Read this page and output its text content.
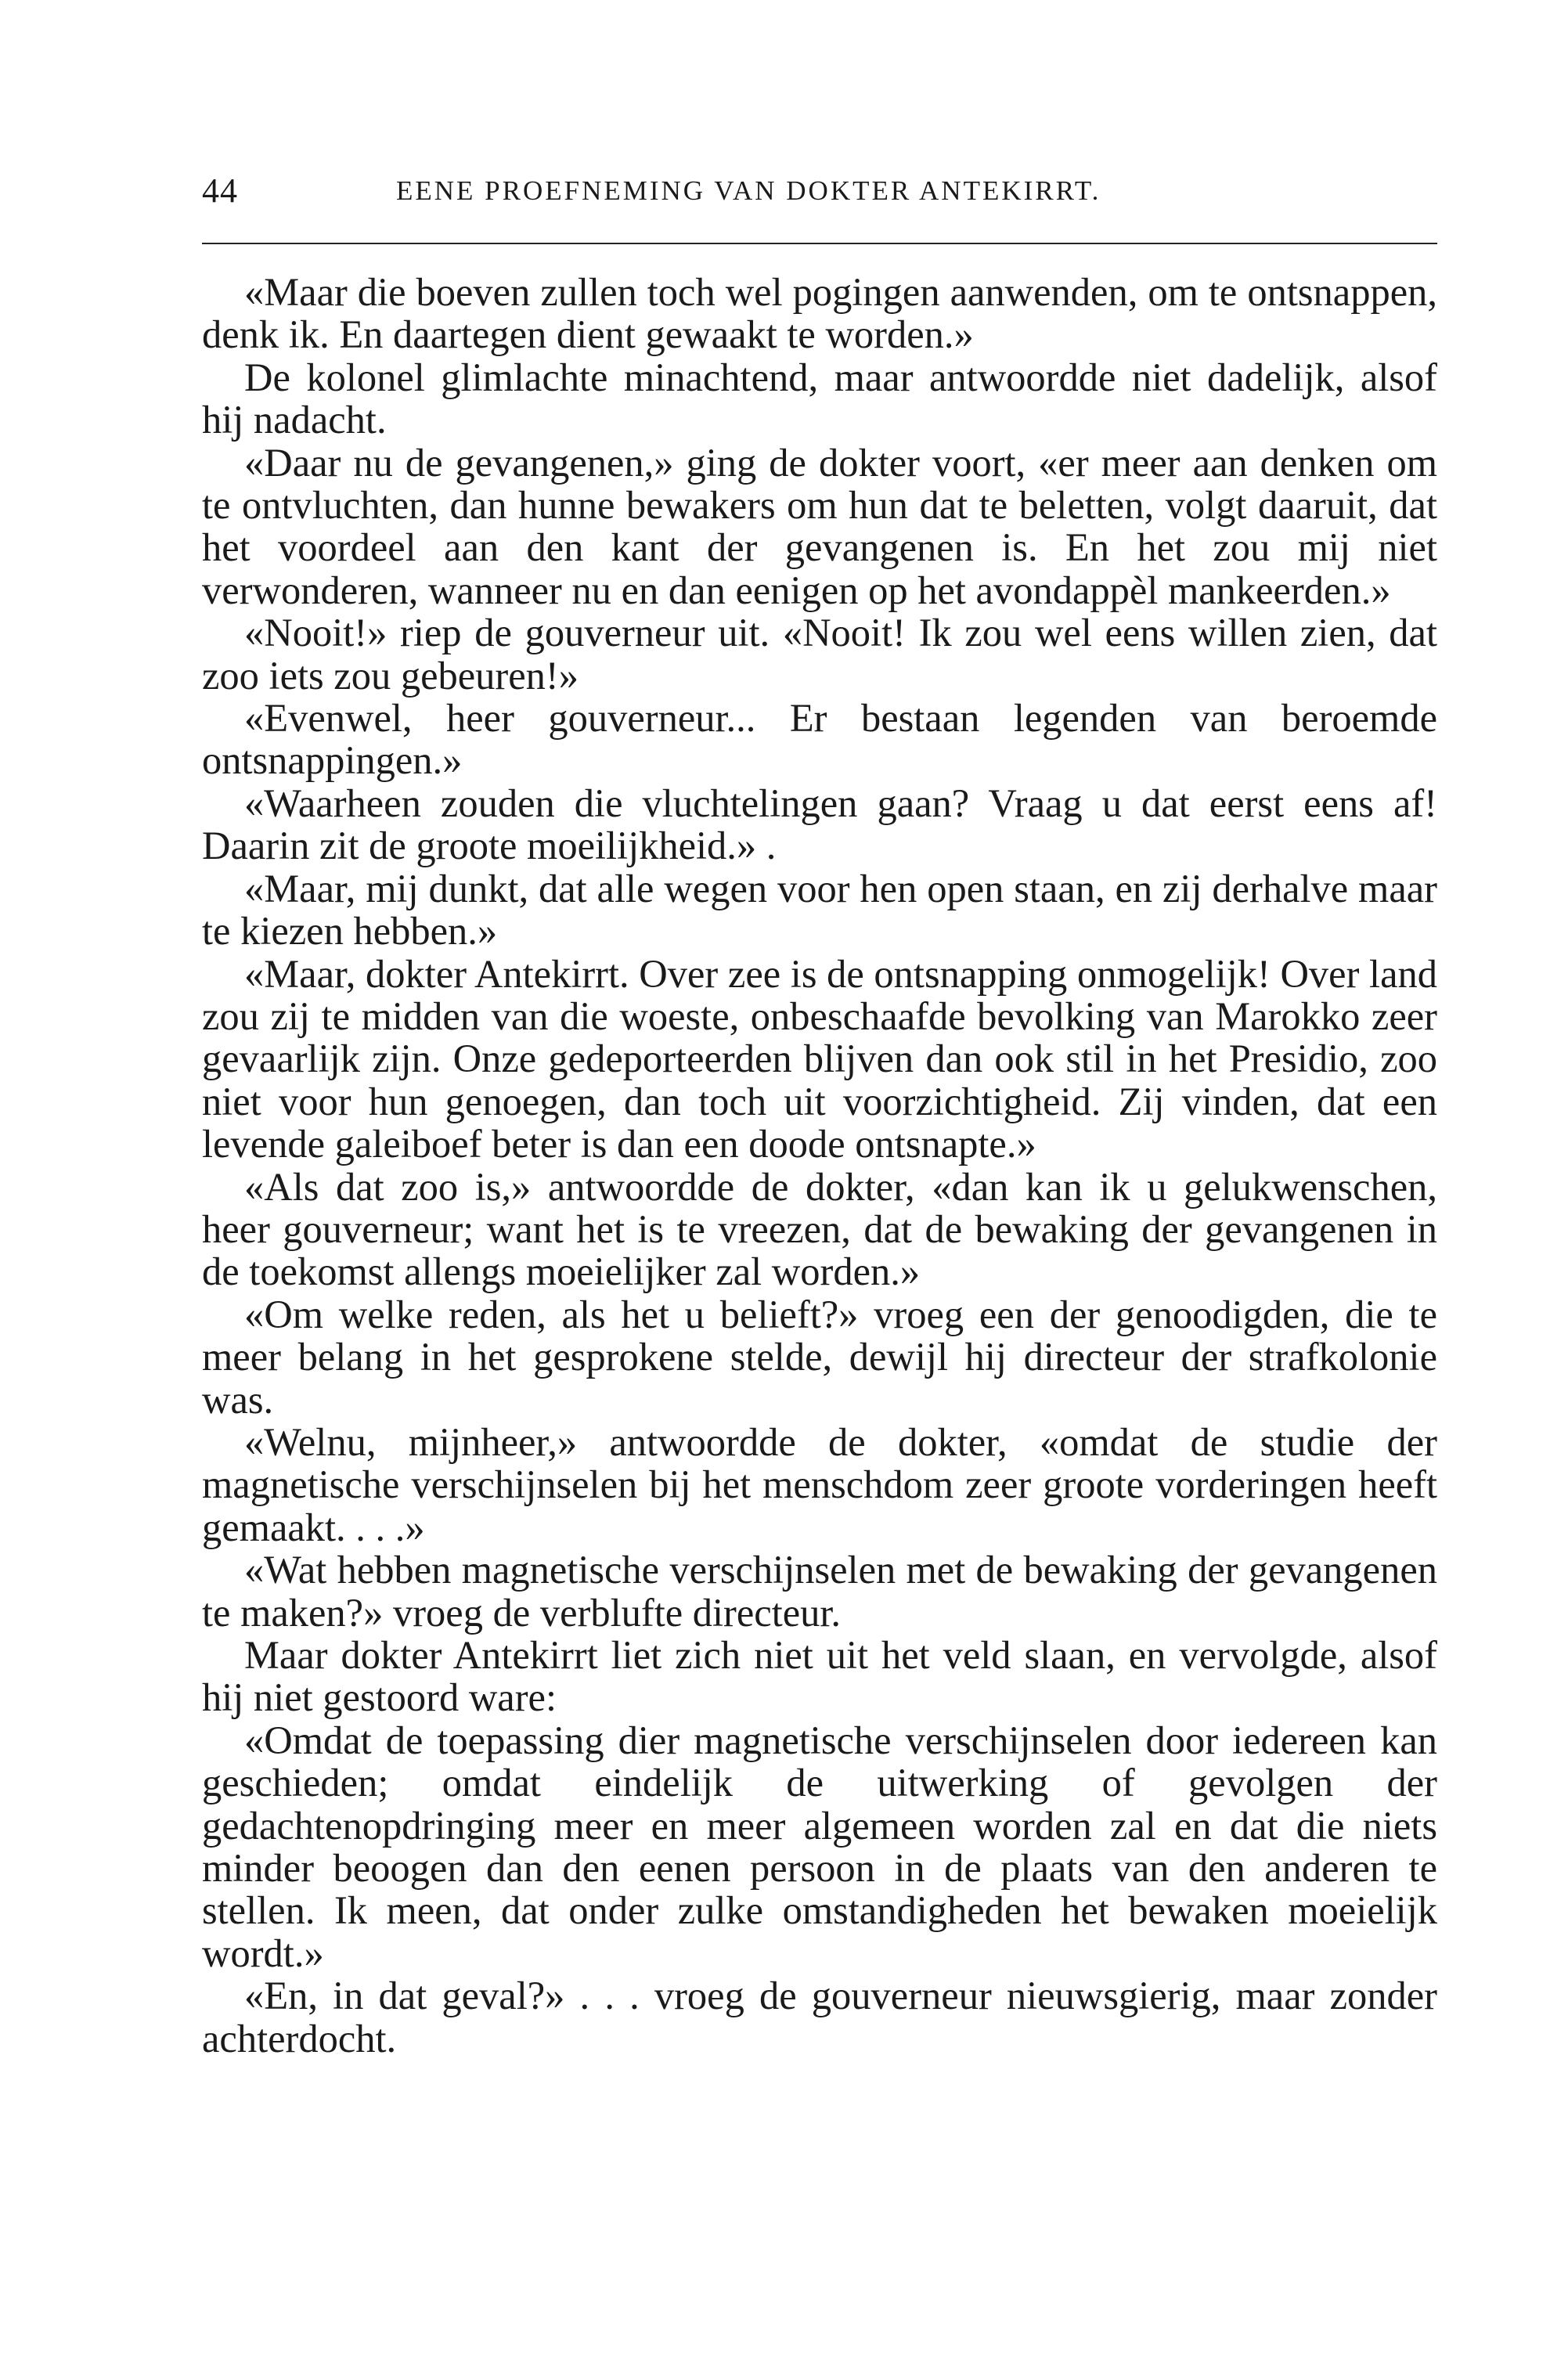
44	EENE PROEFNEMING VAN DOKTER ANTEKIRRT.

«Maar die boeven zullen toch wel pogingen aanwenden, om te ontsnappen, denk ik. En daartegen dient gewaakt te worden.»

De kolonel glimlachte minachtend, maar antwoordde niet dadelijk, alsof hij nadacht.

«Daar nu de gevangenen,» ging de dokter voort, «er meer aan denken om te ontvluchten, dan hunne bewakers om hun dat te beletten, volgt daaruit, dat het voordeel aan den kant der gevangenen is. En het zou mij niet verwonderen, wanneer nu en dan eenigen op het avondappèl mankeerden.»

«Nooit!» riep de gouverneur uit. «Nooit! Ik zou wel eens willen zien, dat zoo iets zou gebeuren!»

«Evenwel, heer gouverneur... Er bestaan legenden van beroemde ontsnappingen.»

«Waarheen zouden die vluchtelingen gaan? Vraag u dat eerst eens af! Daarin zit de groote moeilijkheid.» .

«Maar, mij dunkt, dat alle wegen voor hen open staan, en zij derhalve maar te kiezen hebben.»

«Maar, dokter Antekirrt. Over zee is de ontsnapping onmogelijk! Over land zou zij te midden van die woeste, onbeschaafde bevolking van Marokko zeer gevaarlijk zijn. Onze gedeporteerden blijven dan ook stil in het Presidio, zoo niet voor hun genoegen, dan toch uit voorzichtigheid. Zij vinden, dat een levende galeiboef beter is dan een doode ontsnapte.»

«Als dat zoo is,» antwoordde de dokter, «dan kan ik u gelukwenschen, heer gouverneur; want het is te vreezen, dat de bewaking der gevangenen in de toekomst allengs moeielijker zal worden.»

«Om welke reden, als het u belieft?» vroeg een der genoodigden, die te meer belang in het gesprokene stelde, dewijl hij directeur der strafkolonie was.

«Welnu, mijnheer,» antwoordde de dokter, «omdat de studie der magnetische verschijnselen bij het menschdom zeer groote vorderingen heeft gemaakt. . . .»

«Wat hebben magnetische verschijnselen met de bewaking der gevangenen te maken?» vroeg de verblufte directeur.

Maar dokter Antekirrt liet zich niet uit het veld slaan, en vervolgde, alsof hij niet gestoord ware:

«Omdat de toepassing dier magnetische verschijnselen door iedereen kan geschieden; omdat eindelijk de uitwerking of gevolgen der gedachtenopdringing meer en meer algemeen worden zal en dat die niets minder beoogen dan den eenen persoon in de plaats van den anderen te stellen. Ik meen, dat onder zulke omstandigheden het bewaken moeielijk wordt.»

«En, in dat geval?» . . . vroeg de gouverneur nieuwsgierig, maar zonder achterdocht.
